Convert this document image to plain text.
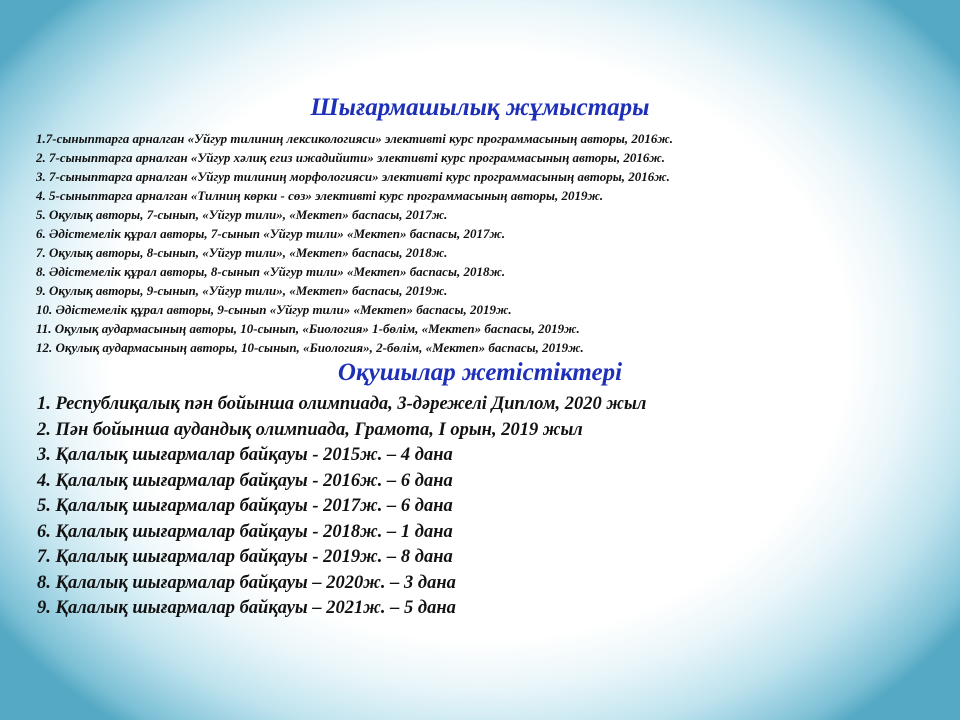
Шығармашылық жұмыстары
1.7-сыныптарга арналган «Уйгур тилиниң лексикологияси» элективті курс программасының авторы, 2016ж.
2. 7-сыныптарга арналган «Уйгур хәлиқ егиз ижадийити» элективті курс программасының авторы, 2016ж.
3. 7-сыныптарга арналган «Уйгур тилиниң морфологияси» элективті курс программасының авторы, 2016ж.
4. 5-сыныптарга арналган «Тилниң көрки - сөз» элективті курс программасының авторы, 2019ж.
5. Оқулық авторы, 7-сынып, «Уйгур тили», «Мектеп» баспасы, 2017ж.
6. Әдістемелік құрал авторы, 7-сынып «Уйгур тили» «Мектеп» баспасы, 2017ж.
7. Оқулық авторы, 8-сынып, «Уйгур тили», «Мектеп» баспасы, 2018ж.
8. Әдістемелік құрал авторы, 8-сынып «Уйгур тили» «Мектеп» баспасы, 2018ж.
9. Оқулық авторы, 9-сынып, «Уйгур тили», «Мектеп» баспасы, 2019ж.
10. Әдістемелік құрал авторы, 9-сынып «Уйгур тили» «Мектеп» баспасы, 2019ж.
11. Оқулық аудармасының авторы, 10-сынып, «Биология» 1-бөлім, «Мектеп» баспасы, 2019ж.
12. Оқулық аудармасының авторы, 10-сынып, «Биология», 2-бөлім, «Мектеп» баспасы, 2019ж.
Оқушылар жетістіктері
1. Республиқалық пән бойынша олимпиада, 3-дәрежелі Диплом, 2020 жыл
2. Пән бойынша аудандық олимпиада, Грамота, I орын, 2019 жыл
3. Қалалық шығармалар байқауы - 2015ж. – 4 дана
4. Қалалық шығармалар байқауы - 2016ж. – 6 дана
5. Қалалық шығармалар байқауы - 2017ж. – 6 дана
6. Қалалық шығармалар байқауы - 2018ж. – 1 дана
7. Қалалық шығармалар байқауы - 2019ж. – 8 дана
8. Қалалық шығармалар байқауы – 2020ж. – 3 дана
9. Қалалық шығармалар байқауы – 2021ж. – 5 дана
